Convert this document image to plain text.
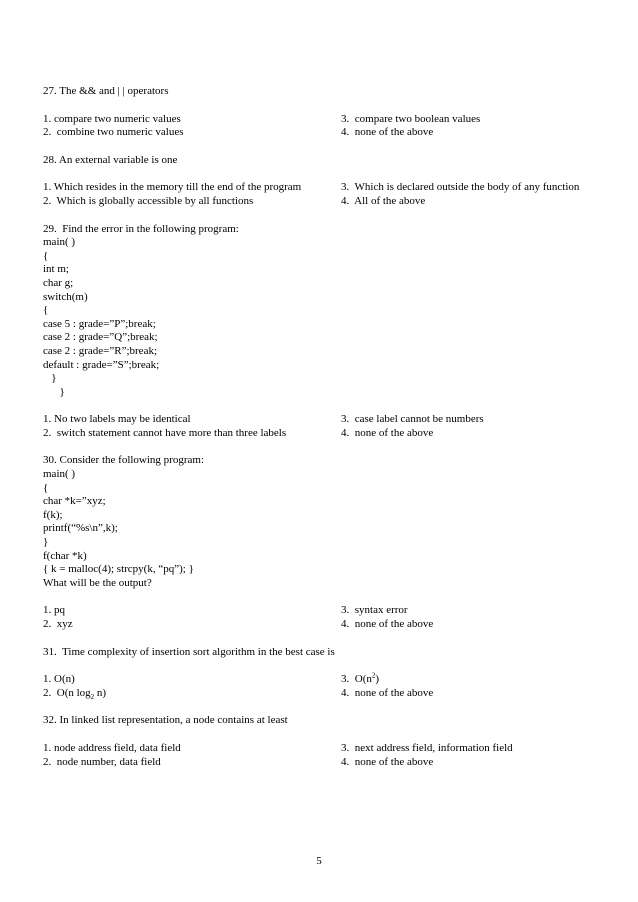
27. The && and | | operators
1. compare two numeric values
2.  combine two numeric values
3.  compare two boolean values
4.  none of the above
28. An external variable is one
1. Which resides in the memory till the end of the program
2.  Which is globally accessible by all functions
3.  Which is declared outside the body of any function
4.  All of the above
29.  Find the error in the following program:
main( )
{
int m;
char g;
switch(m)
{
case 5 : grade=”P”;break;
case 2 : grade=”Q”;break;
case 2 : grade=”R”;break;
default : grade=”S”;break;
}
}
1. No two labels may be identical
2.  switch statement cannot have more than three labels
3.  case label cannot be numbers
4.  none of the above
30. Consider the following program:
main( )
{
char *k=”xyz;
f(k);
printf(“%s\n”,k);
}
f(char *k)
{ k = malloc(4); strcpy(k, “pq”); }
What will be the output?
1. pq
2.  xyz
3.  syntax error
4.  none of the above
31.  Time complexity of insertion sort algorithm in the best case is
1. O(n)
2.  O(n $\log_2 n$)
3.  $O(n^2)$
4.  none of the above
32. In linked list representation, a node contains at least
1. node address field, data field
2.  node number, data field
3.  next address field, information field
4.  none of the above
5
